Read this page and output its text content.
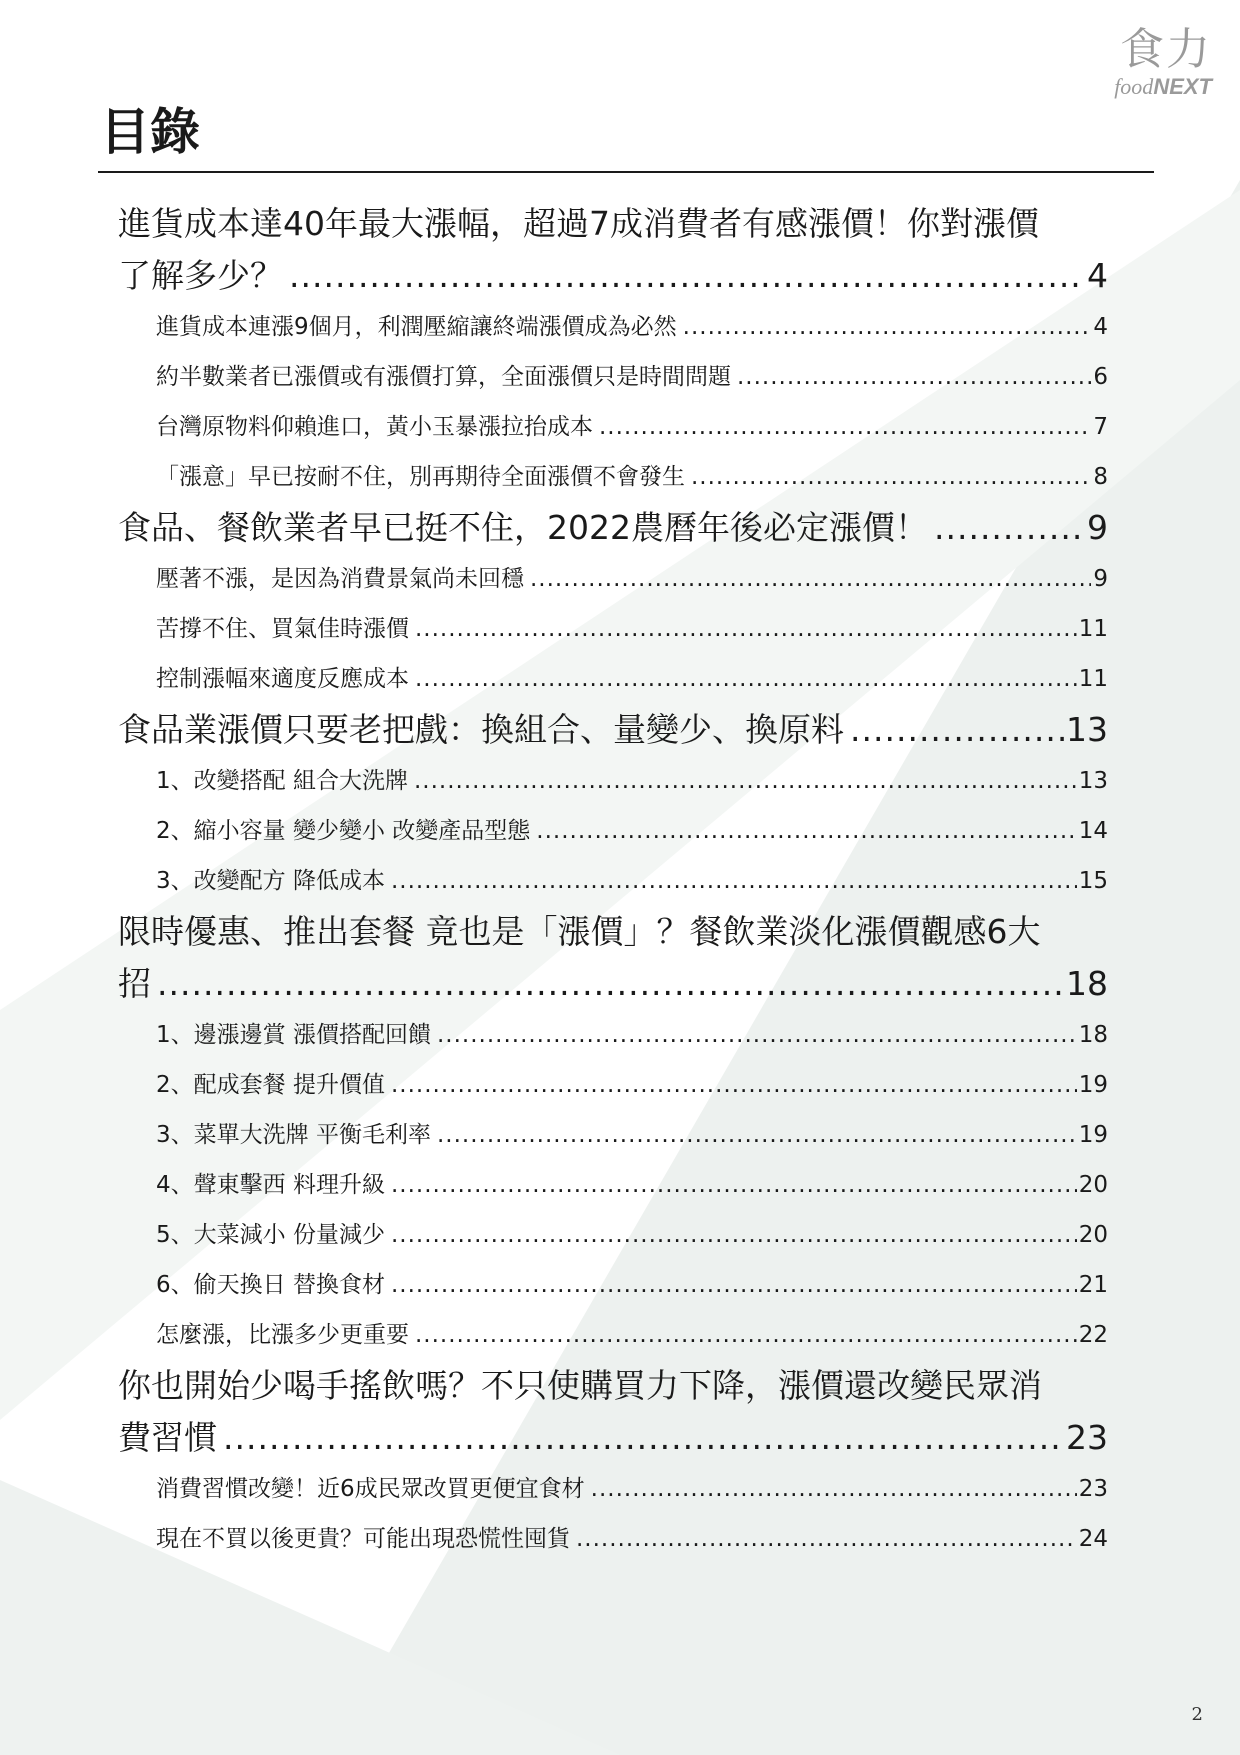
食力
foodNEXT
目錄
進貨成本達40年最大漲幅，超過7成消費者有感漲價！你對漲價
了解多少？ .....	4
進貨成本連漲9個月，利潤壓縮讓終端漲價成為必然 .....	4
約半數業者已漲價或有漲價打算，全面漲價只是時間問題 .....	6
台灣原物料仰賴進口，黃小玉暴漲拉抬成本 .....	7
「漲意」早已按耐不住，別再期待全面漲價不會發生 .....	8
食品、餐飲業者早已挺不住，2022農曆年後必定漲價！ .....	9
壓著不漲，是因為消費景氣尚未回穩 .....	9
苦撐不住、買氣佳時漲價 .....	11
控制漲幅來適度反應成本 .....	11
食品業漲價只要老把戲：換組合、量變少、換原料 .....	13
1、改變搭配 組合大洗牌 .....	13
2、縮小容量 變少變小 改變產品型態 .....	14
3、改變配方 降低成本 .....	15
限時優惠、推出套餐 竟也是「漲價」？餐飲業淡化漲價觀感6大
招 .....	18
1、邊漲邊賞 漲價搭配回饋 .....	18
2、配成套餐 提升價值 .....	19
3、菜單大洗牌 平衡毛利率 .....	19
4、聲東擊西 料理升級 .....	20
5、大菜減小 份量減少 .....	20
6、偷天換日 替換食材 .....	21
怎麼漲，比漲多少更重要 .....	22
你也開始少喝手搖飲嗎？不只使購買力下降，漲價還改變民眾消
費習慣 .....	23
消費習慣改變！近6成民眾改買更便宜食材 .....	23
現在不買以後更貴？可能出現恐慌性囤貨 .....	24
2
